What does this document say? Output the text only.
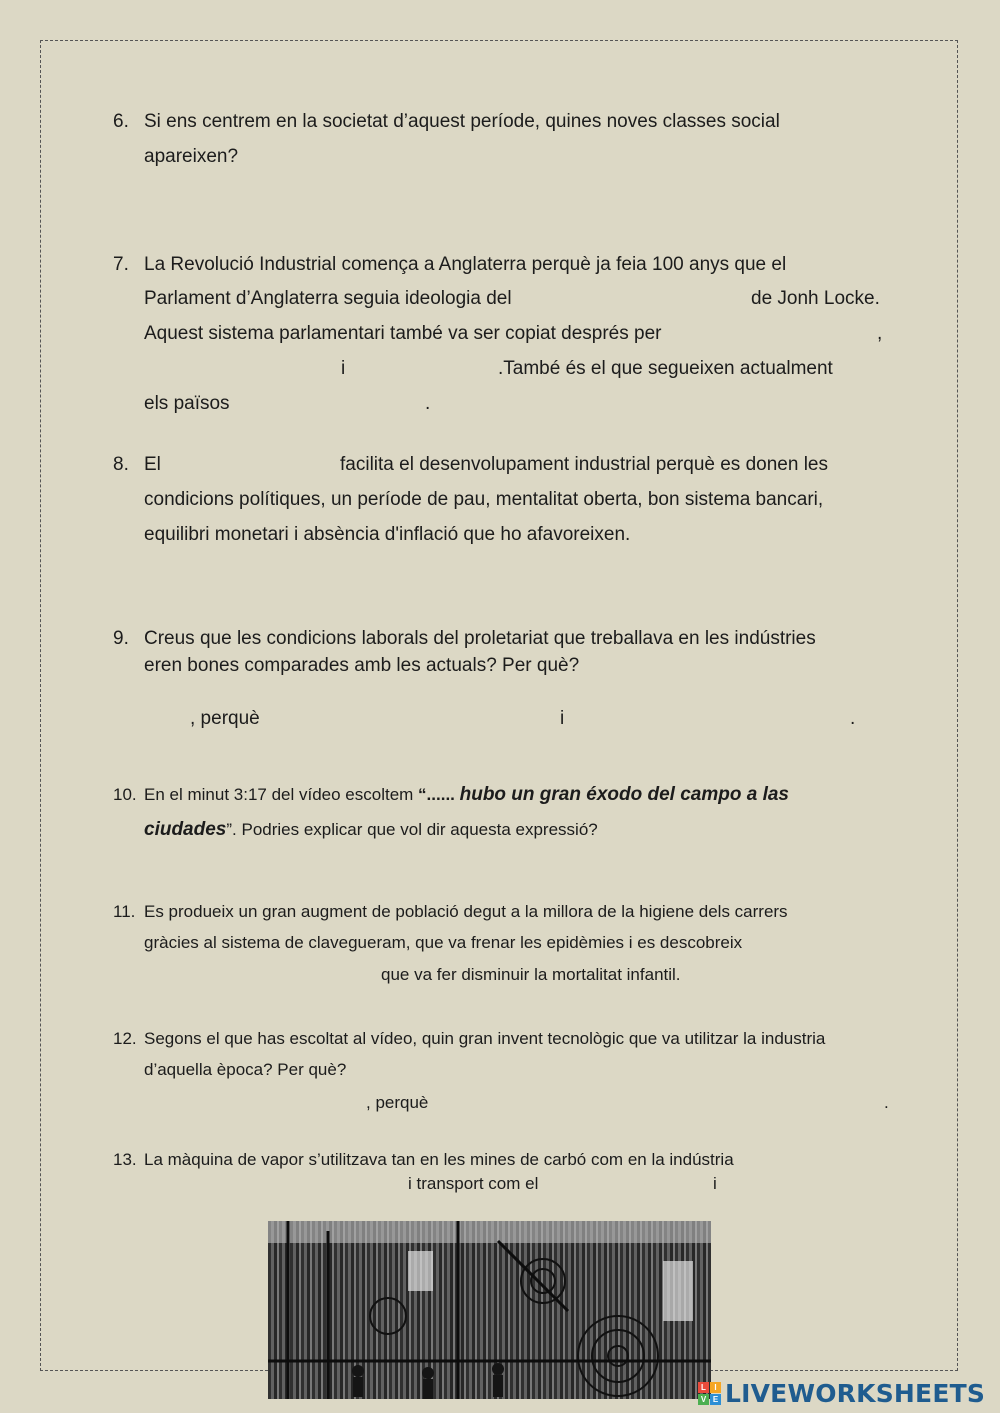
6. Si ens centrem en la societat d’aquest període, quines noves classes social
apareixen?
7. La Revolució Industrial comença a Anglaterra perquè ja feia 100 anys que el
Parlament d’Anglaterra seguia ideologia del	de Jonh Locke.
Aquest sistema parlamentari també va ser copiat després per	,
i	.També és el que segueixen actualment
els països	.
8. El	facilita el desenvolupament industrial perquè es donen les
condicions polítiques, un període de pau, mentalitat oberta, bon sistema bancari,
equilibri monetari i absència d'inflació que ho afavoreixen.
9. Creus que les condicions laborals del proletariat que treballava en les indústries
eren bones comparades amb les actuals? Per què?
, perquè	i	.
10. En el minut 3:17 del vídeo escoltem “...... hubo un gran éxodo del campo a las
ciudades”. Podries explicar que vol dir aquesta expressió?
11. Es produeix un gran augment de població degut a la millora de la higiene dels carrers
gràcies al sistema de clavegueram, que va frenar les epidèmies i es descobreix
que va fer disminuir la mortalitat infantil.
12. Segons el que has escoltat al vídeo, quin gran invent tecnològic que va utilitzar la industria
d’aquella època? Per què?
, perquè	.
13. La màquina de vapor s’utilitzava tan en les mines de carbó com en la indústria
i transport com el	i
L	I
V E LIVEWORKSHEETS
